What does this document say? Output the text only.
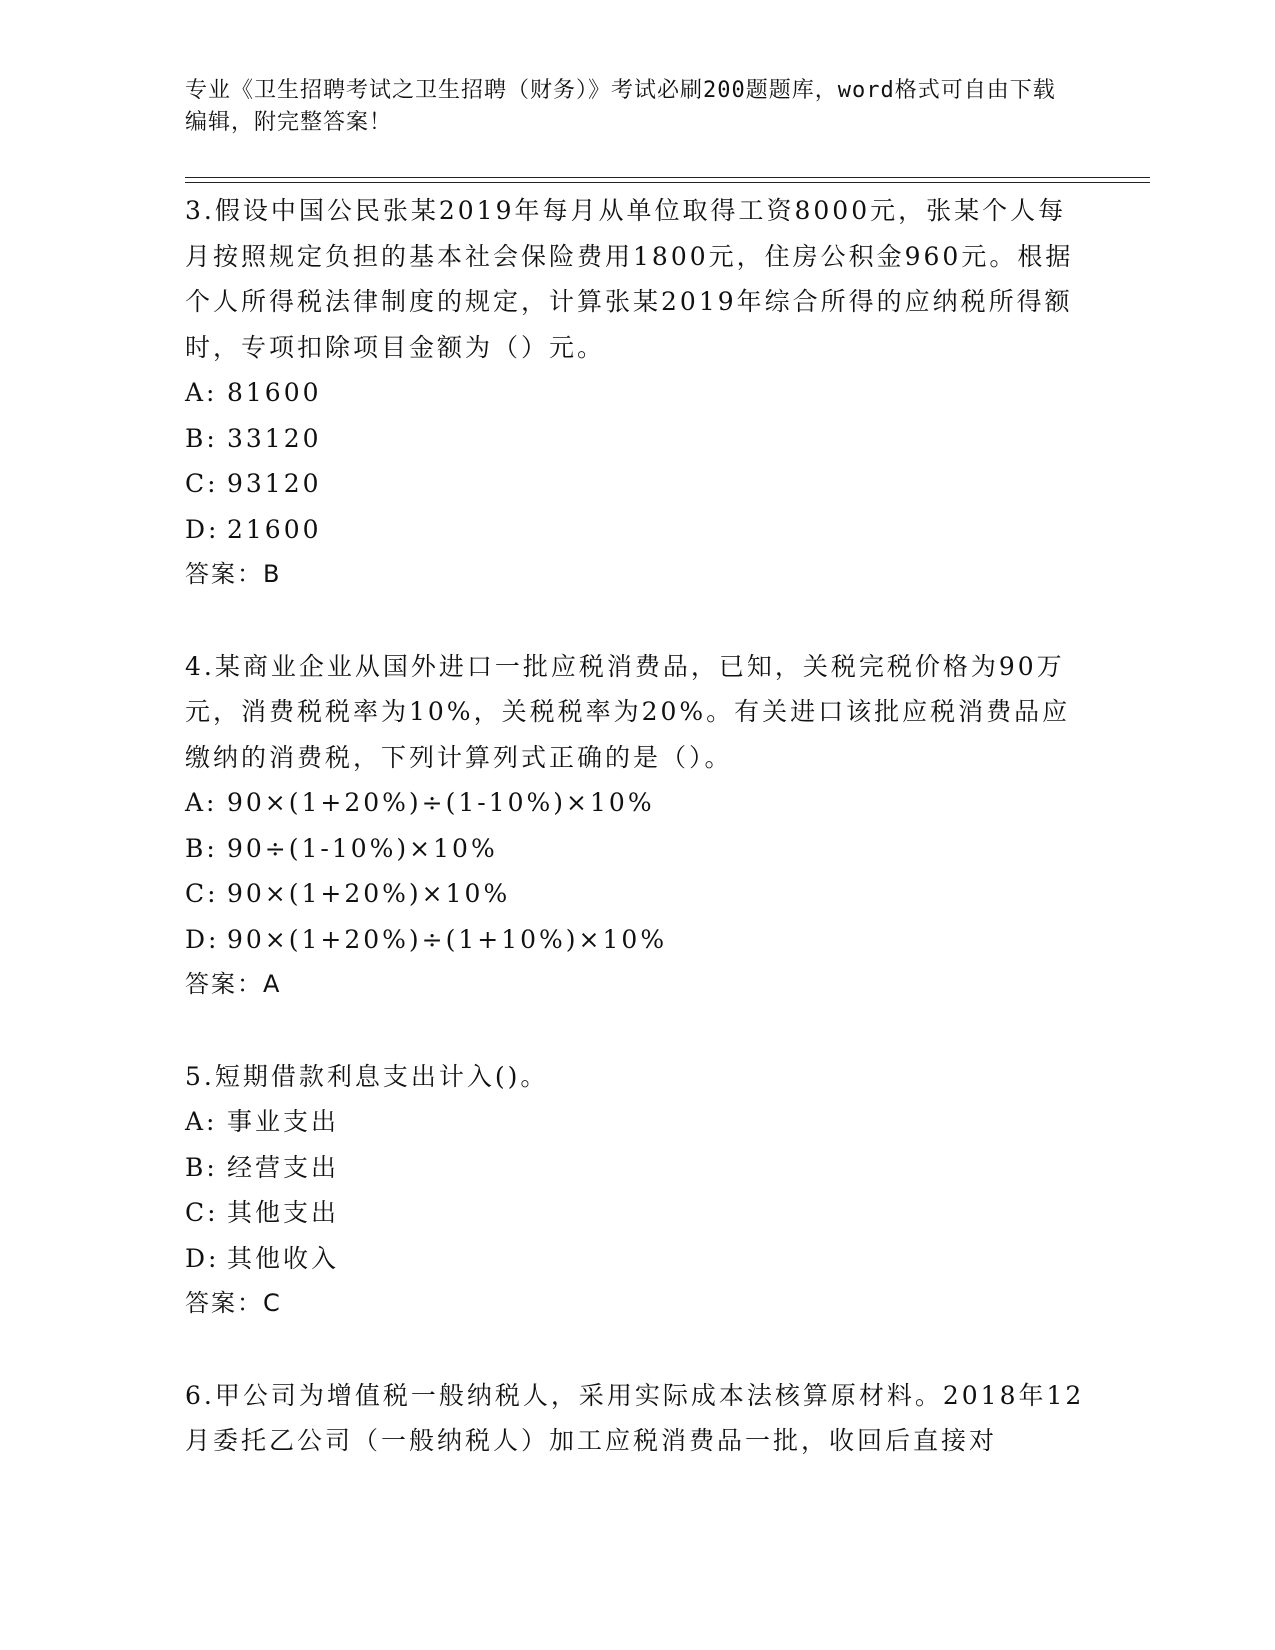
专业《卫生招聘考试之卫生招聘（财务）》考试必刷200题题库，word格式可自由下载编辑，附完整答案！

3.假设中国公民张某2019年每月从单位取得工资8000元，张某个人每月按照规定负担的基本社会保险费用1800元，住房公积金960元。根据个人所得税法律制度的规定，计算张某2019年综合所得的应纳税所得额时，专项扣除项目金额为（）元。

A: 81600

B: 33120

C: 93120

D: 21600

答案：B

4.某商业企业从国外进口一批应税消费品，已知，关税完税价格为90万元，消费税税率为10%，关税税率为20%。有关进口该批应税消费品应缴纳的消费税，下列计算列式正确的是（）。

A: 90×(1+20%)÷(1-10%)×10%

B: 90÷(1-10%)×10%

C: 90×(1+20%)×10%

D: 90×(1+20%)÷(1+10%)×10%

答案：A

5.短期借款利息支出计入()。

A: 事业支出

B: 经营支出

C: 其他支出

D: 其他收入

答案：C

6.甲公司为增值税一般纳税人，采用实际成本法核算原材料。2018年12月委托乙公司（一般纳税人）加工应税消费品一批，收回后直接对
